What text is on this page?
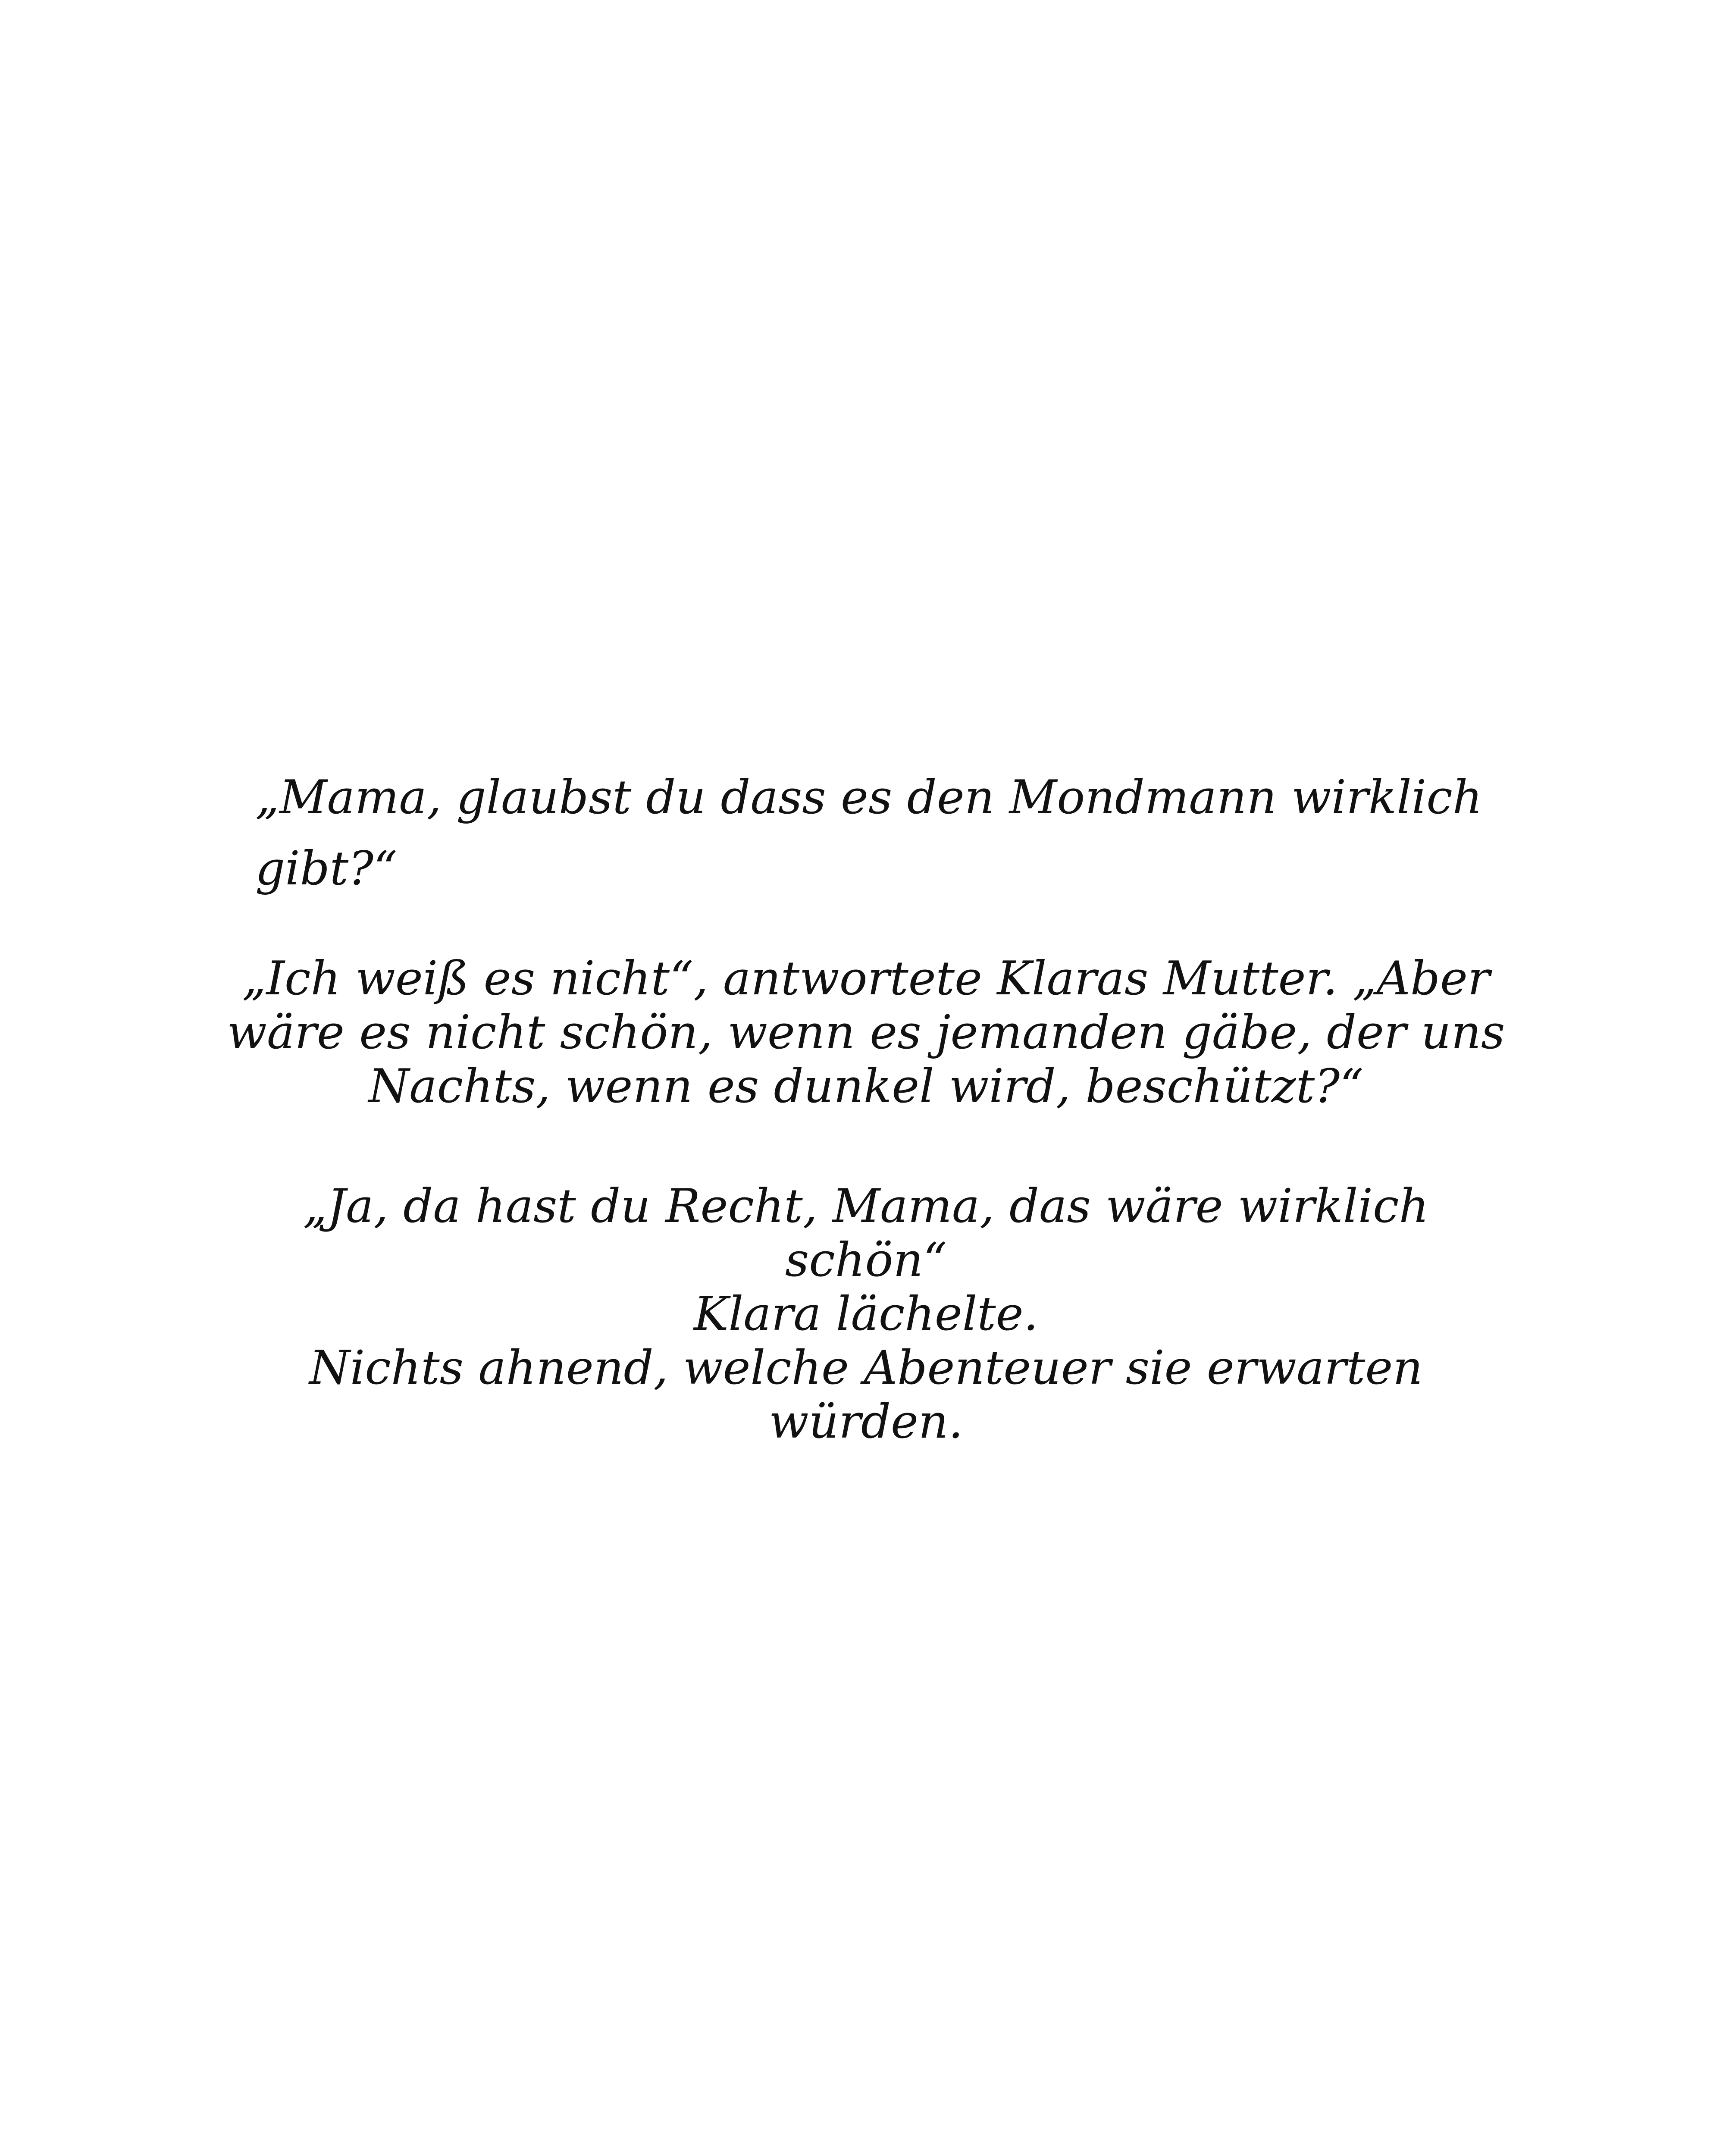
„Mama, glaubst du dass es den Mondmann wirklich

gibt?“

„Ich weiß es nicht“, antwortete Klaras Mutter. „Aber

wäre es nicht schön, wenn es jemanden gäbe, der uns

Nachts, wenn es dunkel wird, beschützt?“

„Ja, da hast du Recht, Mama, das wäre wirklich

schön“

Klara lächelte.

Nichts ahnend, welche Abenteuer sie erwarten

würden.
